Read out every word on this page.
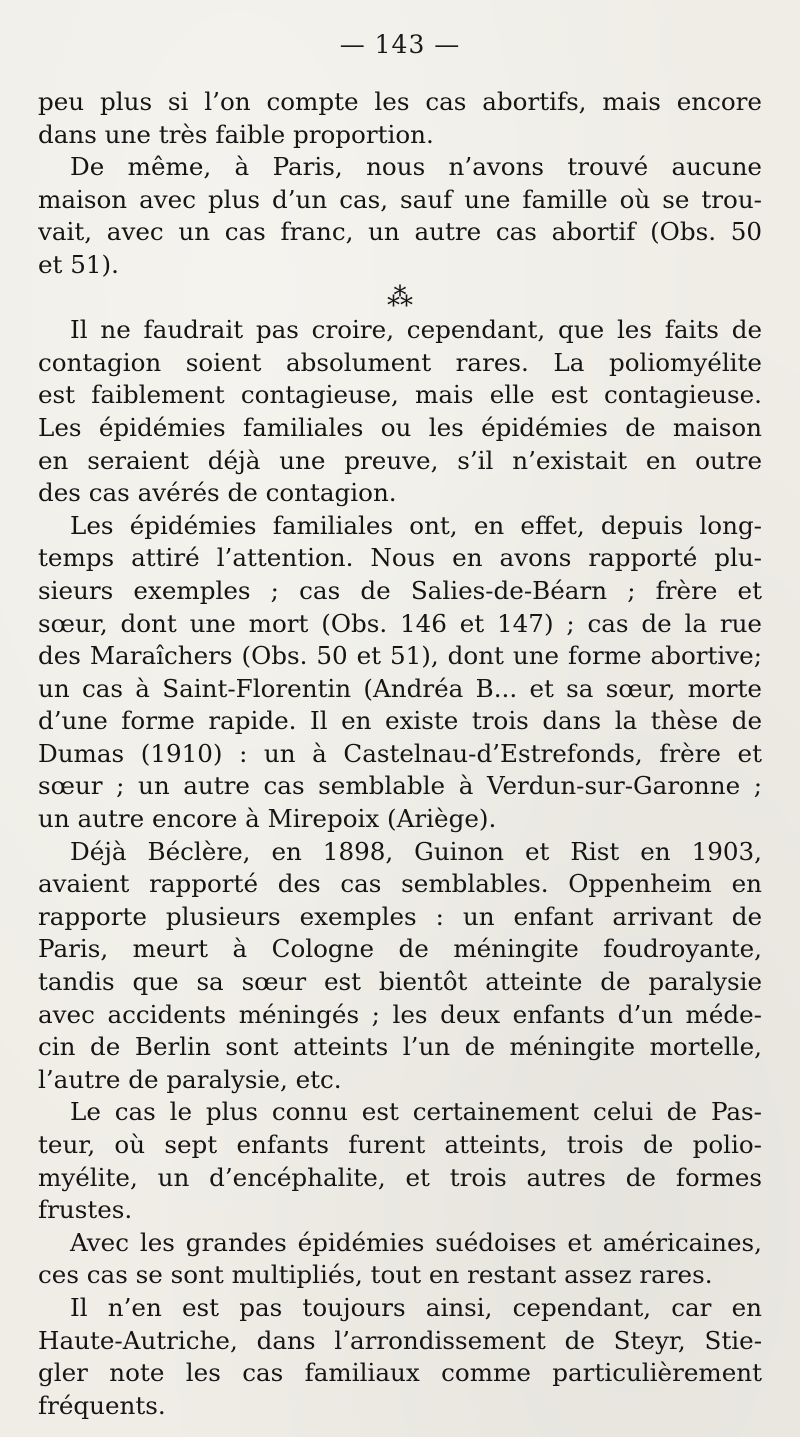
— 143 —
peu plus si l’on compte les cas abortifs, mais encore
dans une très faible proportion.
De même, à Paris, nous n’avons trouvé aucune
maison avec plus d’un cas, sauf une famille où se trou-
vait, avec un cas franc, un autre cas abortif (Obs. 50
et 51).
⁂
Il ne faudrait pas croire, cependant, que les faits de
contagion soient absolument rares. La poliomyélite
est faiblement contagieuse, mais elle est contagieuse.
Les épidémies familiales ou les épidémies de maison
en seraient déjà une preuve, s’il n’existait en outre
des cas avérés de contagion.
Les épidémies familiales ont, en effet, depuis long-
temps attiré l’attention. Nous en avons rapporté plu-
sieurs exemples ; cas de Salies-de-Béarn ; frère et
sœur, dont une mort (Obs. 146 et 147) ; cas de la rue
des Maraîchers (Obs. 50 et 51), dont une forme abortive;
un cas à Saint-Florentin (Andréa B... et sa sœur, morte
d’une forme rapide. Il en existe trois dans la thèse de
Dumas (1910) : un à Castelnau-d’Estrefonds, frère et
sœur ; un autre cas semblable à Verdun-sur-Garonne ;
un autre encore à Mirepoix (Ariège).
Déjà Béclère, en 1898, Guinon et Rist en 1903,
avaient rapporté des cas semblables. Oppenheim en
rapporte plusieurs exemples : un enfant arrivant de
Paris, meurt à Cologne de méningite foudroyante,
tandis que sa sœur est bientôt atteinte de paralysie
avec accidents méningés ; les deux enfants d’un méde-
cin de Berlin sont atteints l’un de méningite mortelle,
l’autre de paralysie, etc.
Le cas le plus connu est certainement celui de Pas-
teur, où sept enfants furent atteints, trois de polio-
myélite, un d’encéphalite, et trois autres de formes
frustes.
Avec les grandes épidémies suédoises et américaines,
ces cas se sont multipliés, tout en restant assez rares.
Il n’en est pas toujours ainsi, cependant, car en
Haute-Autriche, dans l’arrondissement de Steyr, Stie-
gler note les cas familiaux comme particulièrement
fréquents.
